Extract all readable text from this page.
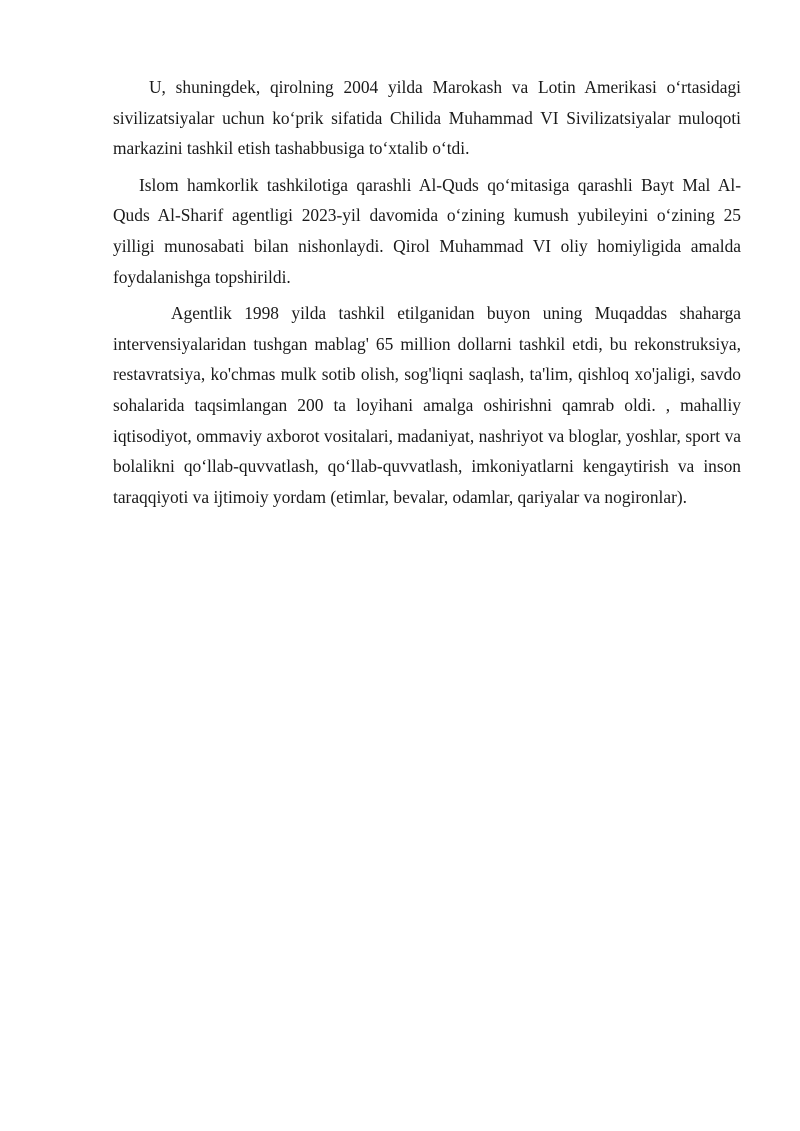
U, shuningdek, qirolning 2004 yilda Marokash va Lotin Amerikasi o‘rtasidagi sivilizatsiyalar uchun ko‘prik sifatida Chilida Muhammad VI Sivilizatsiyalar muloqoti markazini tashkil etish tashabbusiga to‘xtalib o‘tdi.

Islom hamkorlik tashkilotiga qarashli Al-Quds qo‘mitasiga qarashli Bayt Mal Al-Quds Al-Sharif agentligi 2023-yil davomida o‘zining kumush yubileyini o‘zining 25 yilligi munosabati bilan nishonlaydi. Qirol Muhammad VI oliy homiyligida amalda foydalanishga topshirildi.

Agentlik 1998 yilda tashkil etilganidan buyon uning Muqaddas shaharga intervensiyalaridan tushgan mablag' 65 million dollarni tashkil etdi, bu rekonstruksiya, restavratsiya, ko'chmas mulk sotib olish, sog'liqni saqlash, ta'lim, qishloq xo'jaligi, savdo sohalarida taqsimlangan 200 ta loyihani amalga oshirishni qamrab oldi. , mahalliy iqtisodiyot, ommaviy axborot vositalari, madaniyat, nashriyot va bloglar, yoshlar, sport va bolalikni qo‘llab-quvvatlash, qo‘llab-quvvatlash, imkoniyatlarni kengaytirish va inson taraqqiyoti va ijtimoiy yordam (etimlar, bevalar, odamlar, qariyalar va nogironlar).
